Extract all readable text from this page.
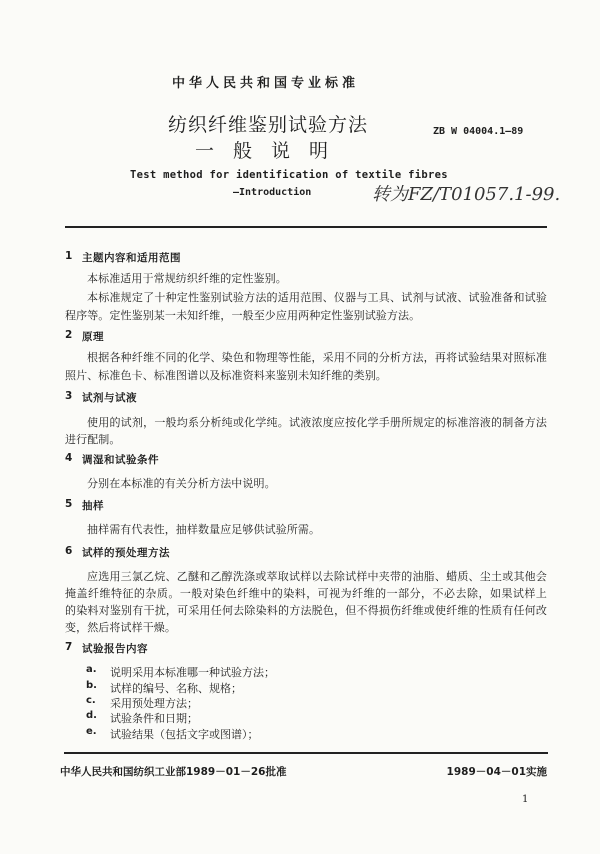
中华人民共和国专业标准
纺织纤维鉴别试验方法
一般说明
ZB W 04004.1—89
Test method for identification of textile fibres
—Introduction	转为FZ/T01057.1-99.
1 主题内容和适用范围
本标准适用于常规纺织纤维的定性鉴别。
本标准规定了十种定性鉴别试验方法的适用范围、仪器与工具、试剂与试液、试验准备和试验
程序等。定性鉴别某一未知纤维，一般至少应用两种定性鉴别试验方法。
2 原理
根据各种纤维不同的化学、染色和物理等性能，采用不同的分析方法，再将试验结果对照标准
照片、标准色卡、标准图谱以及标准资料来鉴别未知纤维的类别。
3 试剂与试液
使用的试剂，一般均系分析纯或化学纯。试液浓度应按化学手册所规定的标准溶液的制备方法
进行配制。
4 调湿和试验条件
分别在本标准的有关分析方法中说明。
5 抽样
抽样需有代表性，抽样数量应足够供试验所需。
6 试样的预处理方法
应选用三氯乙烷、乙醚和乙醇洗涤或萃取试样以去除试样中夹带的油脂、蜡质、尘土或其他会
掩盖纤维特征的杂质。一般对染色纤维中的染料，可视为纤维的一部分，不必去除，如果试样上
的染料对鉴别有干扰，可采用任何去除染料的方法脱色，但不得损伤纤维或使纤维的性质有任何改
变，然后将试样干燥。
7 试验报告内容
a. 说明采用本标准哪一种试验方法；
b. 试样的编号、名称、规格；
c. 采用预处理方法；
d. 试验条件和日期；
e. 试验结果（包括文字或图谱）；
中华人民共和国纺织工业部1989－01－26批准	1989－04－01实施
1
